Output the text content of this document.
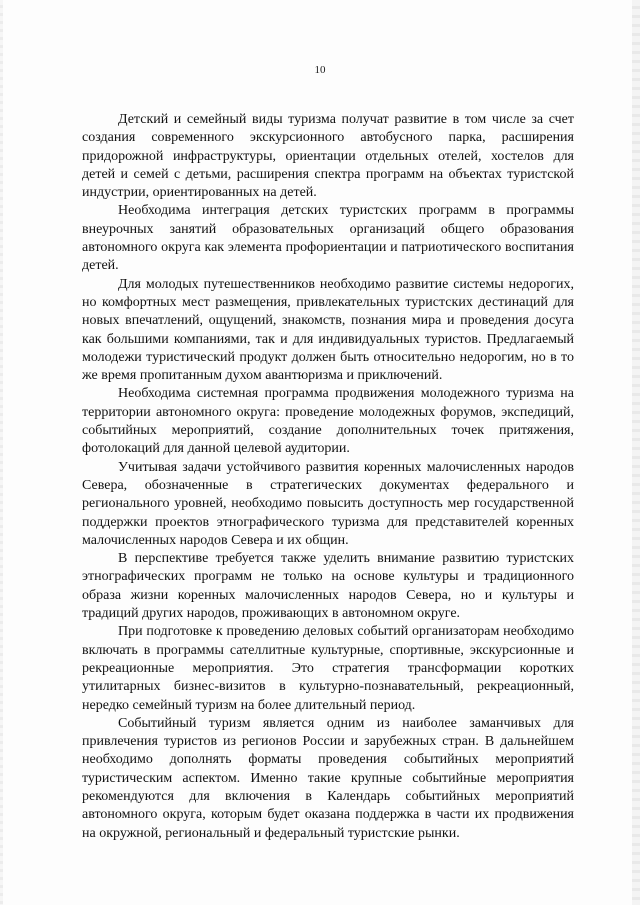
10

Детский и семейный виды туризма получат развитие в том числе за счет создания современного экскурсионного автобусного парка, расширения придорожной инфраструктуры, ориентации отдельных отелей, хостелов для детей и семей с детьми, расширения спектра программ на объектах туристской индустрии, ориентированных на детей.

Необходима интеграция детских туристских программ в программы внеурочных занятий образовательных организаций общего образования автономного округа как элемента профориентации и патриотического воспитания детей.

Для молодых путешественников необходимо развитие системы недорогих, но комфортных мест размещения, привлекательных туристских дестинаций для новых впечатлений, ощущений, знакомств, познания мира и проведения досуга как большими компаниями, так и для индивидуальных туристов. Предлагаемый молодежи туристический продукт должен быть относительно недорогим, но в то же время пропитанным духом авантюризма и приключений.

Необходима системная программа продвижения молодежного туризма на территории автономного округа: проведение молодежных форумов, экспедиций, событийных мероприятий, создание дополнительных точек притяжения, фотолокаций для данной целевой аудитории.

Учитывая задачи устойчивого развития коренных малочисленных народов Севера, обозначенные в стратегических документах федерального и регионального уровней, необходимо повысить доступность мер государственной поддержки проектов этнографического туризма для представителей коренных малочисленных народов Севера и их общин.

В перспективе требуется также уделить внимание развитию туристских этнографических программ не только на основе культуры и традиционного образа жизни коренных малочисленных народов Севера, но и культуры и традиций других народов, проживающих в автономном округе.

При подготовке к проведению деловых событий организаторам необходимо включать в программы сателлитные культурные, спортивные, экскурсионные и рекреационные мероприятия. Это стратегия трансформации коротких утилитарных бизнес-визитов в культурно-познавательный, рекреационный, нередко семейный туризм на более длительный период.

Событийный туризм является одним из наиболее заманчивых для привлечения туристов из регионов России и зарубежных стран. В дальнейшем необходимо дополнять форматы проведения событийных мероприятий туристическим аспектом. Именно такие крупные событийные мероприятия рекомендуются для включения в Календарь событийных мероприятий автономного округа, которым будет оказана поддержка в части их продвижения на окружной, региональный и федеральный туристские рынки.
